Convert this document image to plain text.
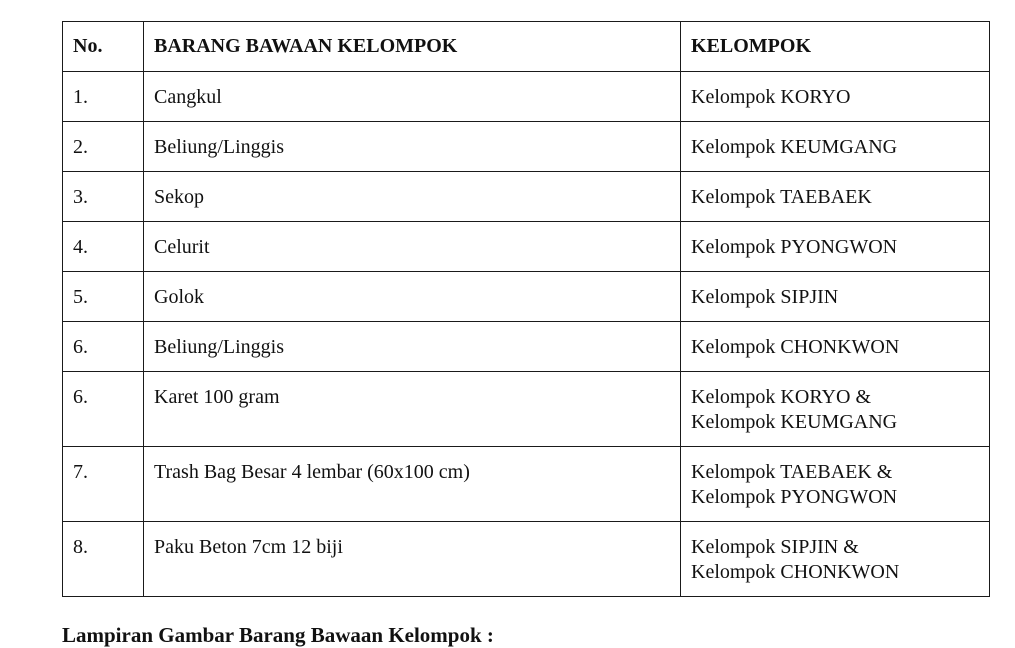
No.	BARANG BAWAAN KELOMPOK	KELOMPOK
1.	Cangkul	Kelompok KORYO

2.	Beliung/Linggis	Kelompok KEUMGANG

3.	Sekop	Kelompok TAEBAEK

4.	Celurit	Kelompok PYONGWON

5.	Golok	Kelompok SIPJIN

6.	Beliung/Linggis	Kelompok CHONKWON

6.	Karet 100 gram	Kelompok KORYO &
Kelompok KEUMGANG

7.	Trash Bag Besar 4 lembar (60x100 cm)	Kelompok TAEBAEK &
Kelompok PYONGWON

8.	Paku Beton 7cm 12 biji	Kelompok SIPJIN &
Kelompok CHONKWON

Lampiran Gambar Barang Bawaan Kelompok :
